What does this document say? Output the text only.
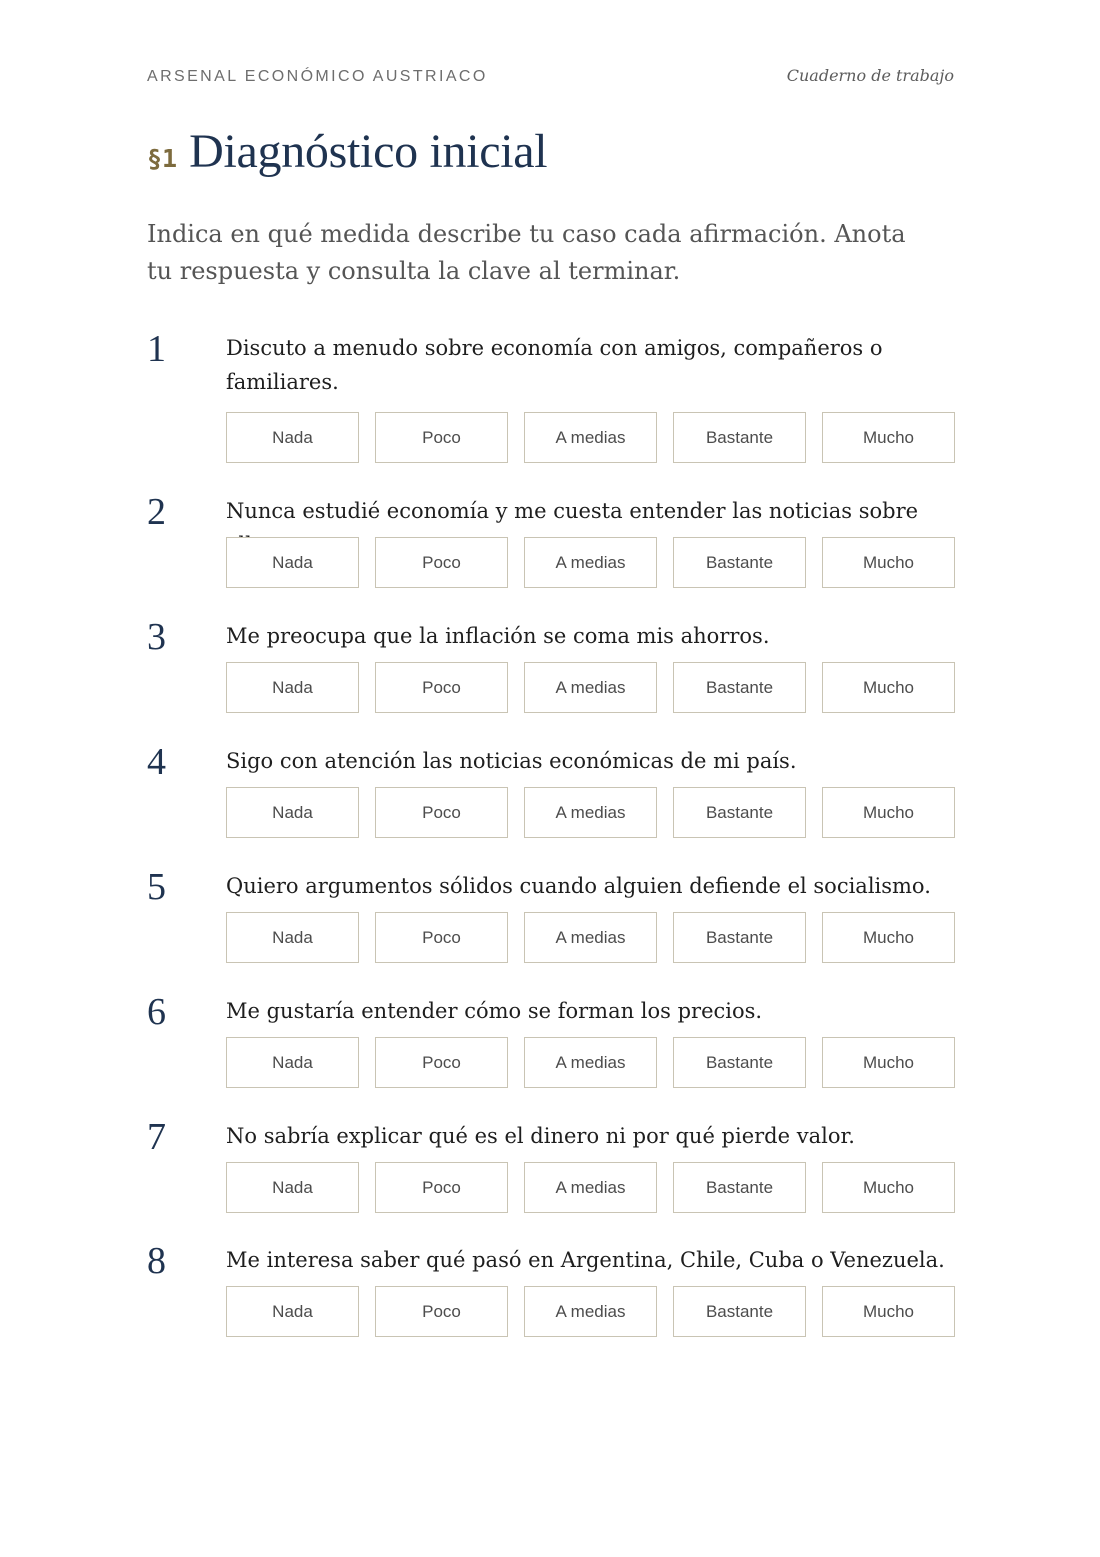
ARSENAL ECONÓMICO AUSTRIACO	Cuaderno de trabajo
§1 Diagnóstico inicial

Indica en qué medida describe tu caso cada afirmación. Anota tu respuesta y consulta la clave al terminar.

1	Discuto a menudo sobre economía con amigos, compañeros o familiares.

Nada	Poco	A medias	Bastante	Mucho
2	Nunca estudié economía y me cuesta entender las noticias sobre

Nada	Poco	A medias	Bastante	Mucho
3	Me preocupa que la inflación se coma mis ahorros.

Nada	Poco	A medias	Bastante	Mucho
4	Sigo con atención las noticias económicas de mi país.

Nada	Poco	A medias	Bastante	Mucho
5	Quiero argumentos sólidos cuando alguien defiende el socialismo.

Nada	Poco	A medias	Bastante	Mucho
6	Me gustaría entender cómo se forman los precios.

Nada	Poco	A medias	Bastante	Mucho
7	No sabría explicar qué es el dinero ni por qué pierde valor.

Nada	Poco	A medias	Bastante	Mucho
8	Me interesa saber qué pasó en Argentina, Chile, Cuba o Venezuela.

Nada	Poco	A medias	Bastante	Mucho
